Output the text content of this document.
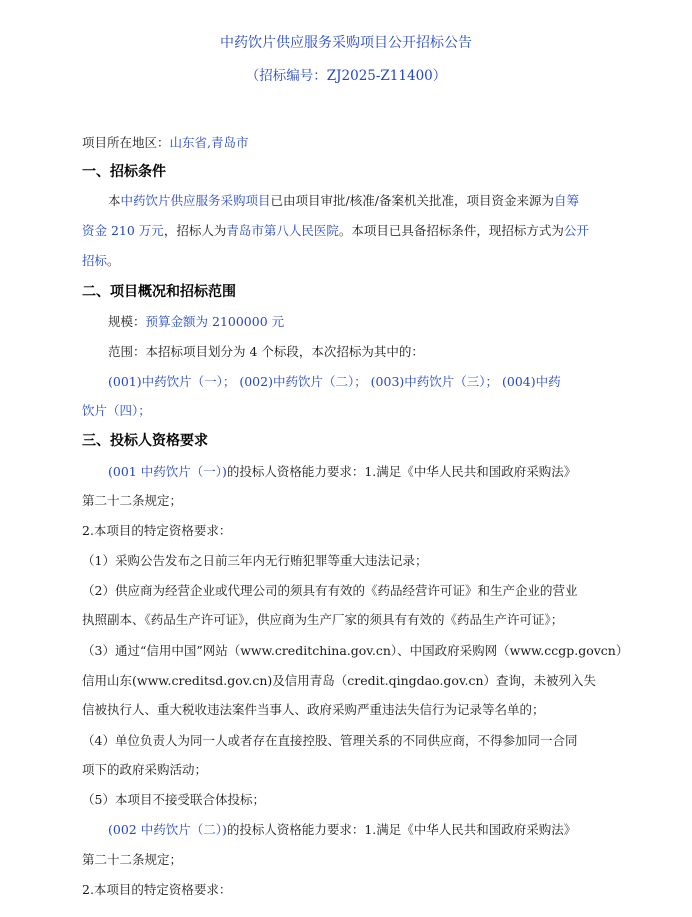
中药饮片供应服务采购项目公开招标公告
（招标编号：ZJ2025-Z11400）
项目所在地区：山东省,青岛市
一、招标条件
本中药饮片供应服务采购项目已由项目审批/核准/备案机关批准，项目资金来源为自筹
资金 210 万元，招标人为青岛市第八人民医院。本项目已具备招标条件，现招标方式为公开
招标。
二、项目概况和招标范围
规模：预算金额为 2100000 元
范围：本招标项目划分为 4 个标段，本次招标为其中的：
(001)中药饮片（一）； (002)中药饮片（二）； (003)中药饮片（三）； (004)中药
饮片（四）；
三、投标人资格要求
(001 中药饮片（一）)的投标人资格能力要求：1.满足《中华人民共和国政府采购法》
第二十二条规定；
2.本项目的特定资格要求：
（1）采购公告发布之日前三年内无行贿犯罪等重大违法记录；
（2）供应商为经营企业或代理公司的须具有有效的《药品经营许可证》和生产企业的营业
执照副本、《药品生产许可证》，供应商为生产厂家的须具有有效的《药品生产许可证》；
（3）通过“信用中国”网站（www.creditchina.gov.cn）、中国政府采购网（www.ccgp.govcn）
信用山东(www.creditsd.gov.cn)及信用青岛（credit.qingdao.gov.cn）查询，未被列入失
信被执行人、重大税收违法案件当事人、政府采购严重违法失信行为记录等名单的；
（4）单位负责人为同一人或者存在直接控股、管理关系的不同供应商，不得参加同一合同
项下的政府采购活动；
（5）本项目不接受联合体投标；
(002 中药饮片（二）)的投标人资格能力要求：1.满足《中华人民共和国政府采购法》
第二十二条规定；
2.本项目的特定资格要求：
